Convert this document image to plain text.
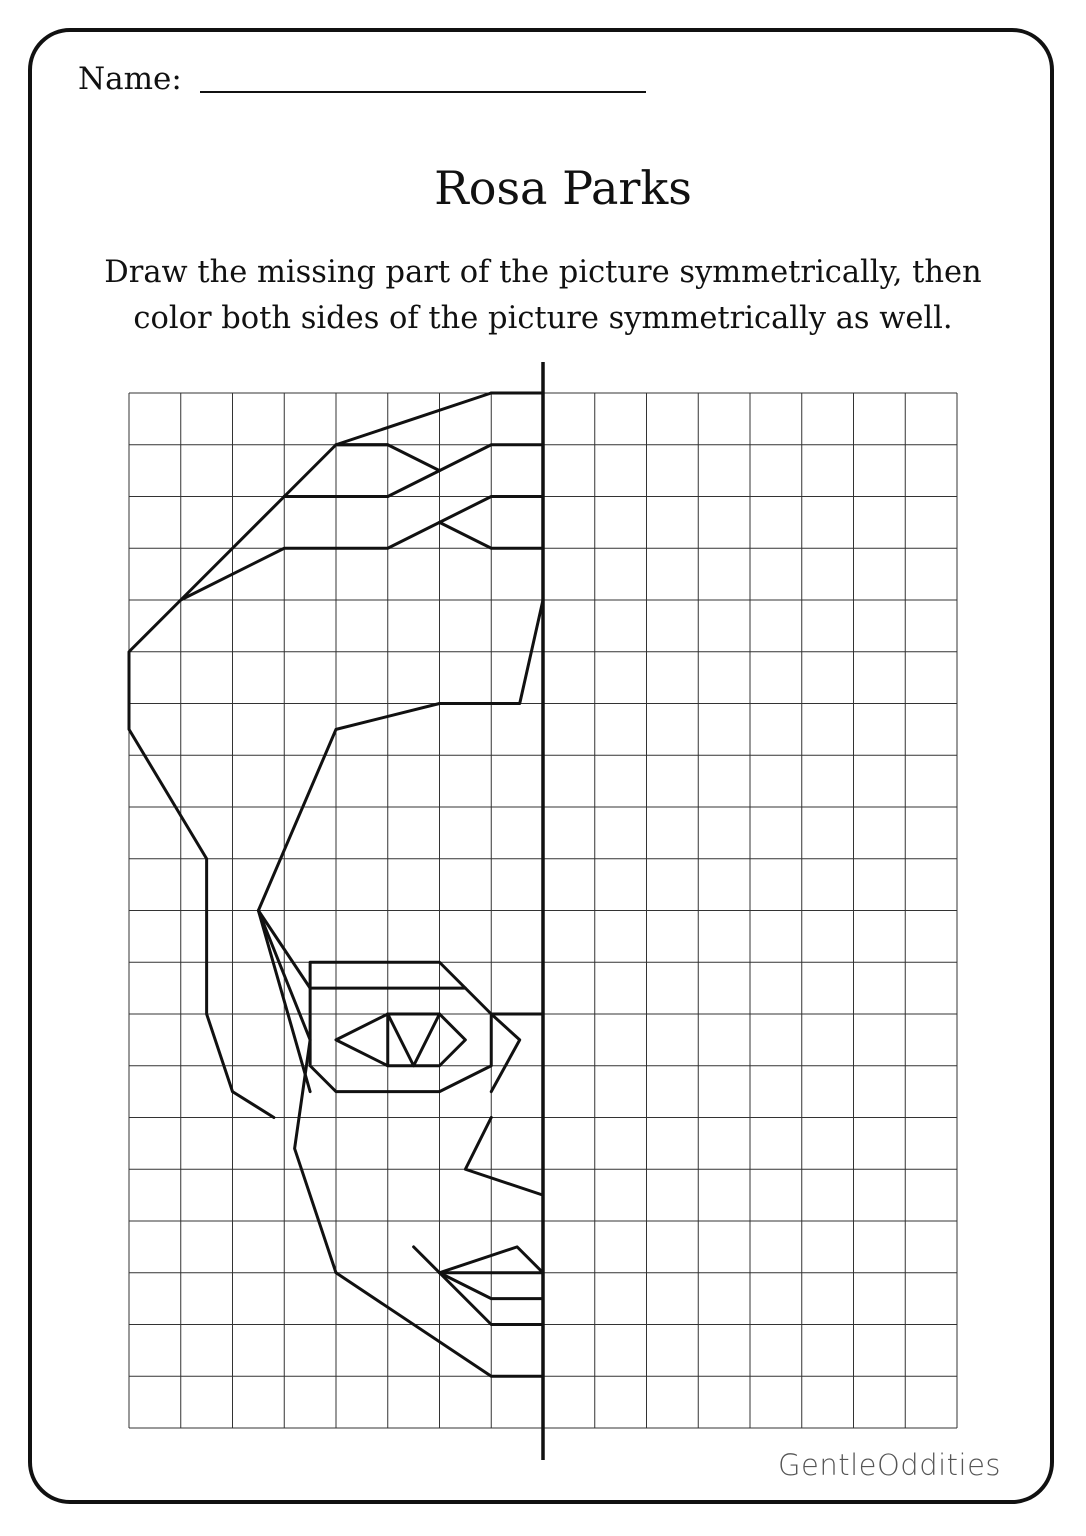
Name:
Rosa Parks
Draw the missing part of the picture symmetrically, then
color both sides of the picture symmetrically as well.
GentleOddities
